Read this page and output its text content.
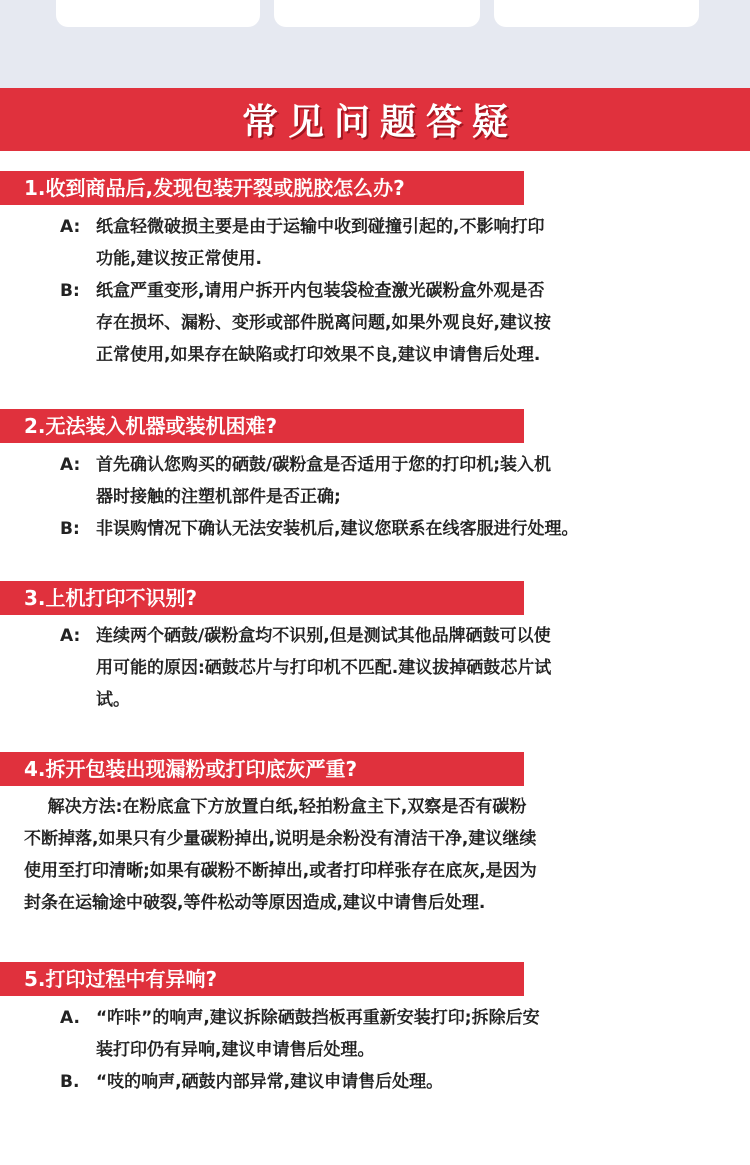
常见问题答疑
1.收到商品后,发现包装开裂或脱胶怎么办?
A: 纸盒轻微破损主要是由于运输中收到碰撞引起的,不影响打印
功能,建议按正常使用.
B: 纸盒严重变形,请用户拆开内包装袋检查激光碳粉盒外观是否
存在损坏、漏粉、变形或部件脱离问题,如果外观良好,建议按
正常使用,如果存在缺陷或打印效果不良,建议申请售后处理.
2.无法装入机器或装机困难?
A: 首先确认您购买的硒鼓/碳粉盒是否适用于您的打印机;装入机
器时接触的注塑机部件是否正确;
B: 非误购情况下确认无法安装机后,建议您联系在线客服进行处理。
3.上机打印不识别?
A: 连续两个硒鼓/碳粉盒均不识别,但是测试其他品牌硒鼓可以使
用可能的原因:硒鼓芯片与打印机不匹配.建议拔掉硒鼓芯片试
试。
4.拆开包装出现漏粉或打印底灰严重?
解决方法:在粉底盒下方放置白纸,轻拍粉盒主下,双察是否有碳粉
不断掉落,如果只有少量碳粉掉出,说明是余粉没有清洁干净,建议继续
使用至打印清晰;如果有碳粉不断掉出,或者打印样张存在底灰,是因为
封条在运输途中破裂,等件松动等原因造成,建议中请售后处理.
5.打印过程中有异响?
A. “咋咔”的响声,建议拆除硒鼓挡板再重新安装打印;拆除后安
装打印仍有异响,建议申请售后处理。
B. “吱的响声,硒鼓内部异常,建议申请售后处理。
